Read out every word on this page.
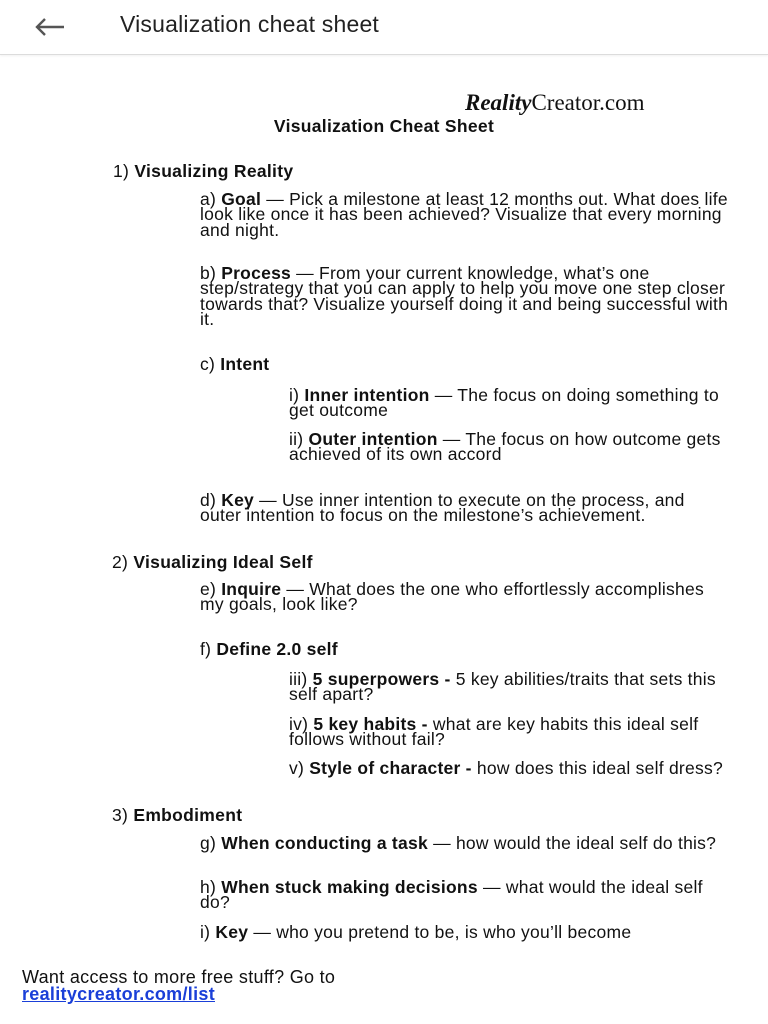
Visualization cheat sheet
RealityCreator.com
Visualization Cheat Sheet
1) Visualizing Reality
a) Goal — Pick a milestone at least 12 months out. What does life look like once it has been achieved? Visualize that every morning and night.
b) Process — From your current knowledge, what’s one step/strategy that you can apply to help you move one step closer towards that? Visualize yourself doing it and being successful with it.
c) Intent
i) Inner intention — The focus on doing something to get outcome
ii) Outer intention — The focus on how outcome gets achieved of its own accord
d) Key — Use inner intention to execute on the process, and outer intention to focus on the milestone’s achievement.
2) Visualizing Ideal Self
e) Inquire — What does the one who effortlessly accomplishes my goals, look like?
f) Define 2.0 self
iii) 5 superpowers - 5 key abilities/traits that sets this self apart?
iv) 5 key habits - what are key habits this ideal self follows without fail?
v) Style of character - how does this ideal self dress?
3) Embodiment
g) When conducting a task — how would the ideal self do this?
h) When stuck making decisions — what would the ideal self do?
i) Key — who you pretend to be, is who you’ll become
Want access to more free stuff? Go to
realitycreator.com/list
